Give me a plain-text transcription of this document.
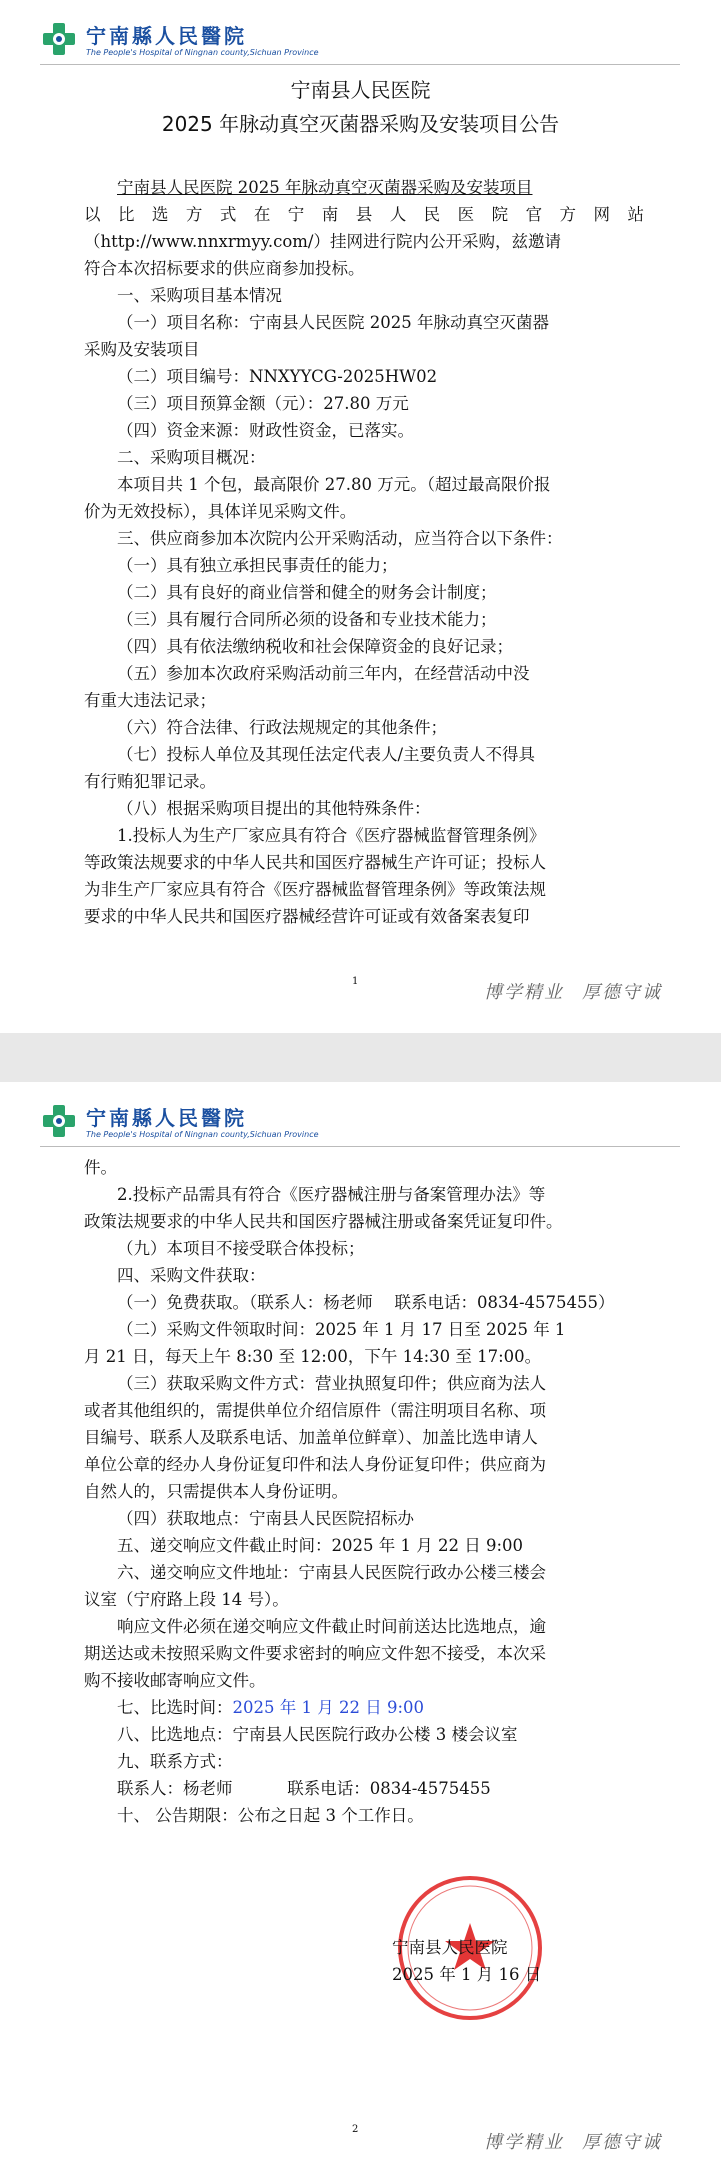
宁南縣人民醫院
The People's Hospital of Ningnan county,Sichuan Province
宁南县人民医院
2025 年脉动真空灭菌器采购及安装项目公告

宁南县人民医院 2025 年脉动真空灭菌器采购及安装项目

以 比 选 方 式 在 宁 南 县 人 民 医 院 官 方 网 站

（http://www.nnxrmyy.com/）挂网进行院内公开采购，兹邀请

符合本次招标要求的供应商参加投标。

一、采购项目基本情况

（一）项目名称：宁南县人民医院 2025 年脉动真空灭菌器

采购及安装项目

（二）项目编号：NNXYYCG-2025HW02

（三）项目预算金额（元）：27.80 万元

（四）资金来源：财政性资金，已落实。

二、采购项目概况：

本项目共 1 个包，最高限价 27.80 万元。（超过最高限价报

价为无效投标），具体详见采购文件。

三、供应商参加本次院内公开采购活动，应当符合以下条件：

（一）具有独立承担民事责任的能力；

（二）具有良好的商业信誉和健全的财务会计制度；

（三）具有履行合同所必须的设备和专业技术能力；

（四）具有依法缴纳税收和社会保障资金的良好记录；

（五）参加本次政府采购活动前三年内，在经营活动中没

有重大违法记录；

（六）符合法律、行政法规规定的其他条件；

（七）投标人单位及其现任法定代表人/主要负责人不得具

有行贿犯罪记录。

（八）根据采购项目提出的其他特殊条件：

1.投标人为生产厂家应具有符合《医疗器械监督管理条例》

等政策法规要求的中华人民共和国医疗器械生产许可证；投标人

为非生产厂家应具有符合《医疗器械监督管理条例》等政策法规

要求的中华人民共和国医疗器械经营许可证或有效备案表复印

1
博学精业 厚德守诚
宁南縣人民醫院
The People's Hospital of Ningnan county,Sichuan Province

件。

2.投标产品需具有符合《医疗器械注册与备案管理办法》等

政策法规要求的中华人民共和国医疗器械注册或备案凭证复印件。

（九）本项目不接受联合体投标；

四、采购文件获取：

（一）免费获取。（联系人：杨老师　 联系电话：0834-4575455）

（二）采购文件领取时间：2025 年 1 月 17 日至 2025 年 1

月 21 日，每天上午 8:30 至 12:00，下午 14:30 至 17:00。

（三）获取采购文件方式：营业执照复印件；供应商为法人

或者其他组织的，需提供单位介绍信原件（需注明项目名称、项

目编号、联系人及联系电话、加盖单位鲜章）、加盖比选申请人

单位公章的经办人身份证复印件和法人身份证复印件；供应商为

自然人的，只需提供本人身份证明。

（四）获取地点：宁南县人民医院招标办

五、递交响应文件截止时间：2025 年 1 月 22 日 9:00

六、递交响应文件地址：宁南县人民医院行政办公楼三楼会

议室（宁府路上段 14 号）。

响应文件必须在递交响应文件截止时间前送达比选地点，逾

期送达或未按照采购文件要求密封的响应文件恕不接受，本次采

购不接收邮寄响应文件。

七、比选时间：2025 年 1 月 22 日 9:00

八、比选地点：宁南县人民医院行政办公楼 3 楼会议室

九、联系方式：

联系人：杨老师　　　 联系电话：0834-4575455

十、 公告期限：公布之日起 3 个工作日。

宁南县人民医院
2025 年 1 月 16 日
2
博学精业 厚德守诚
